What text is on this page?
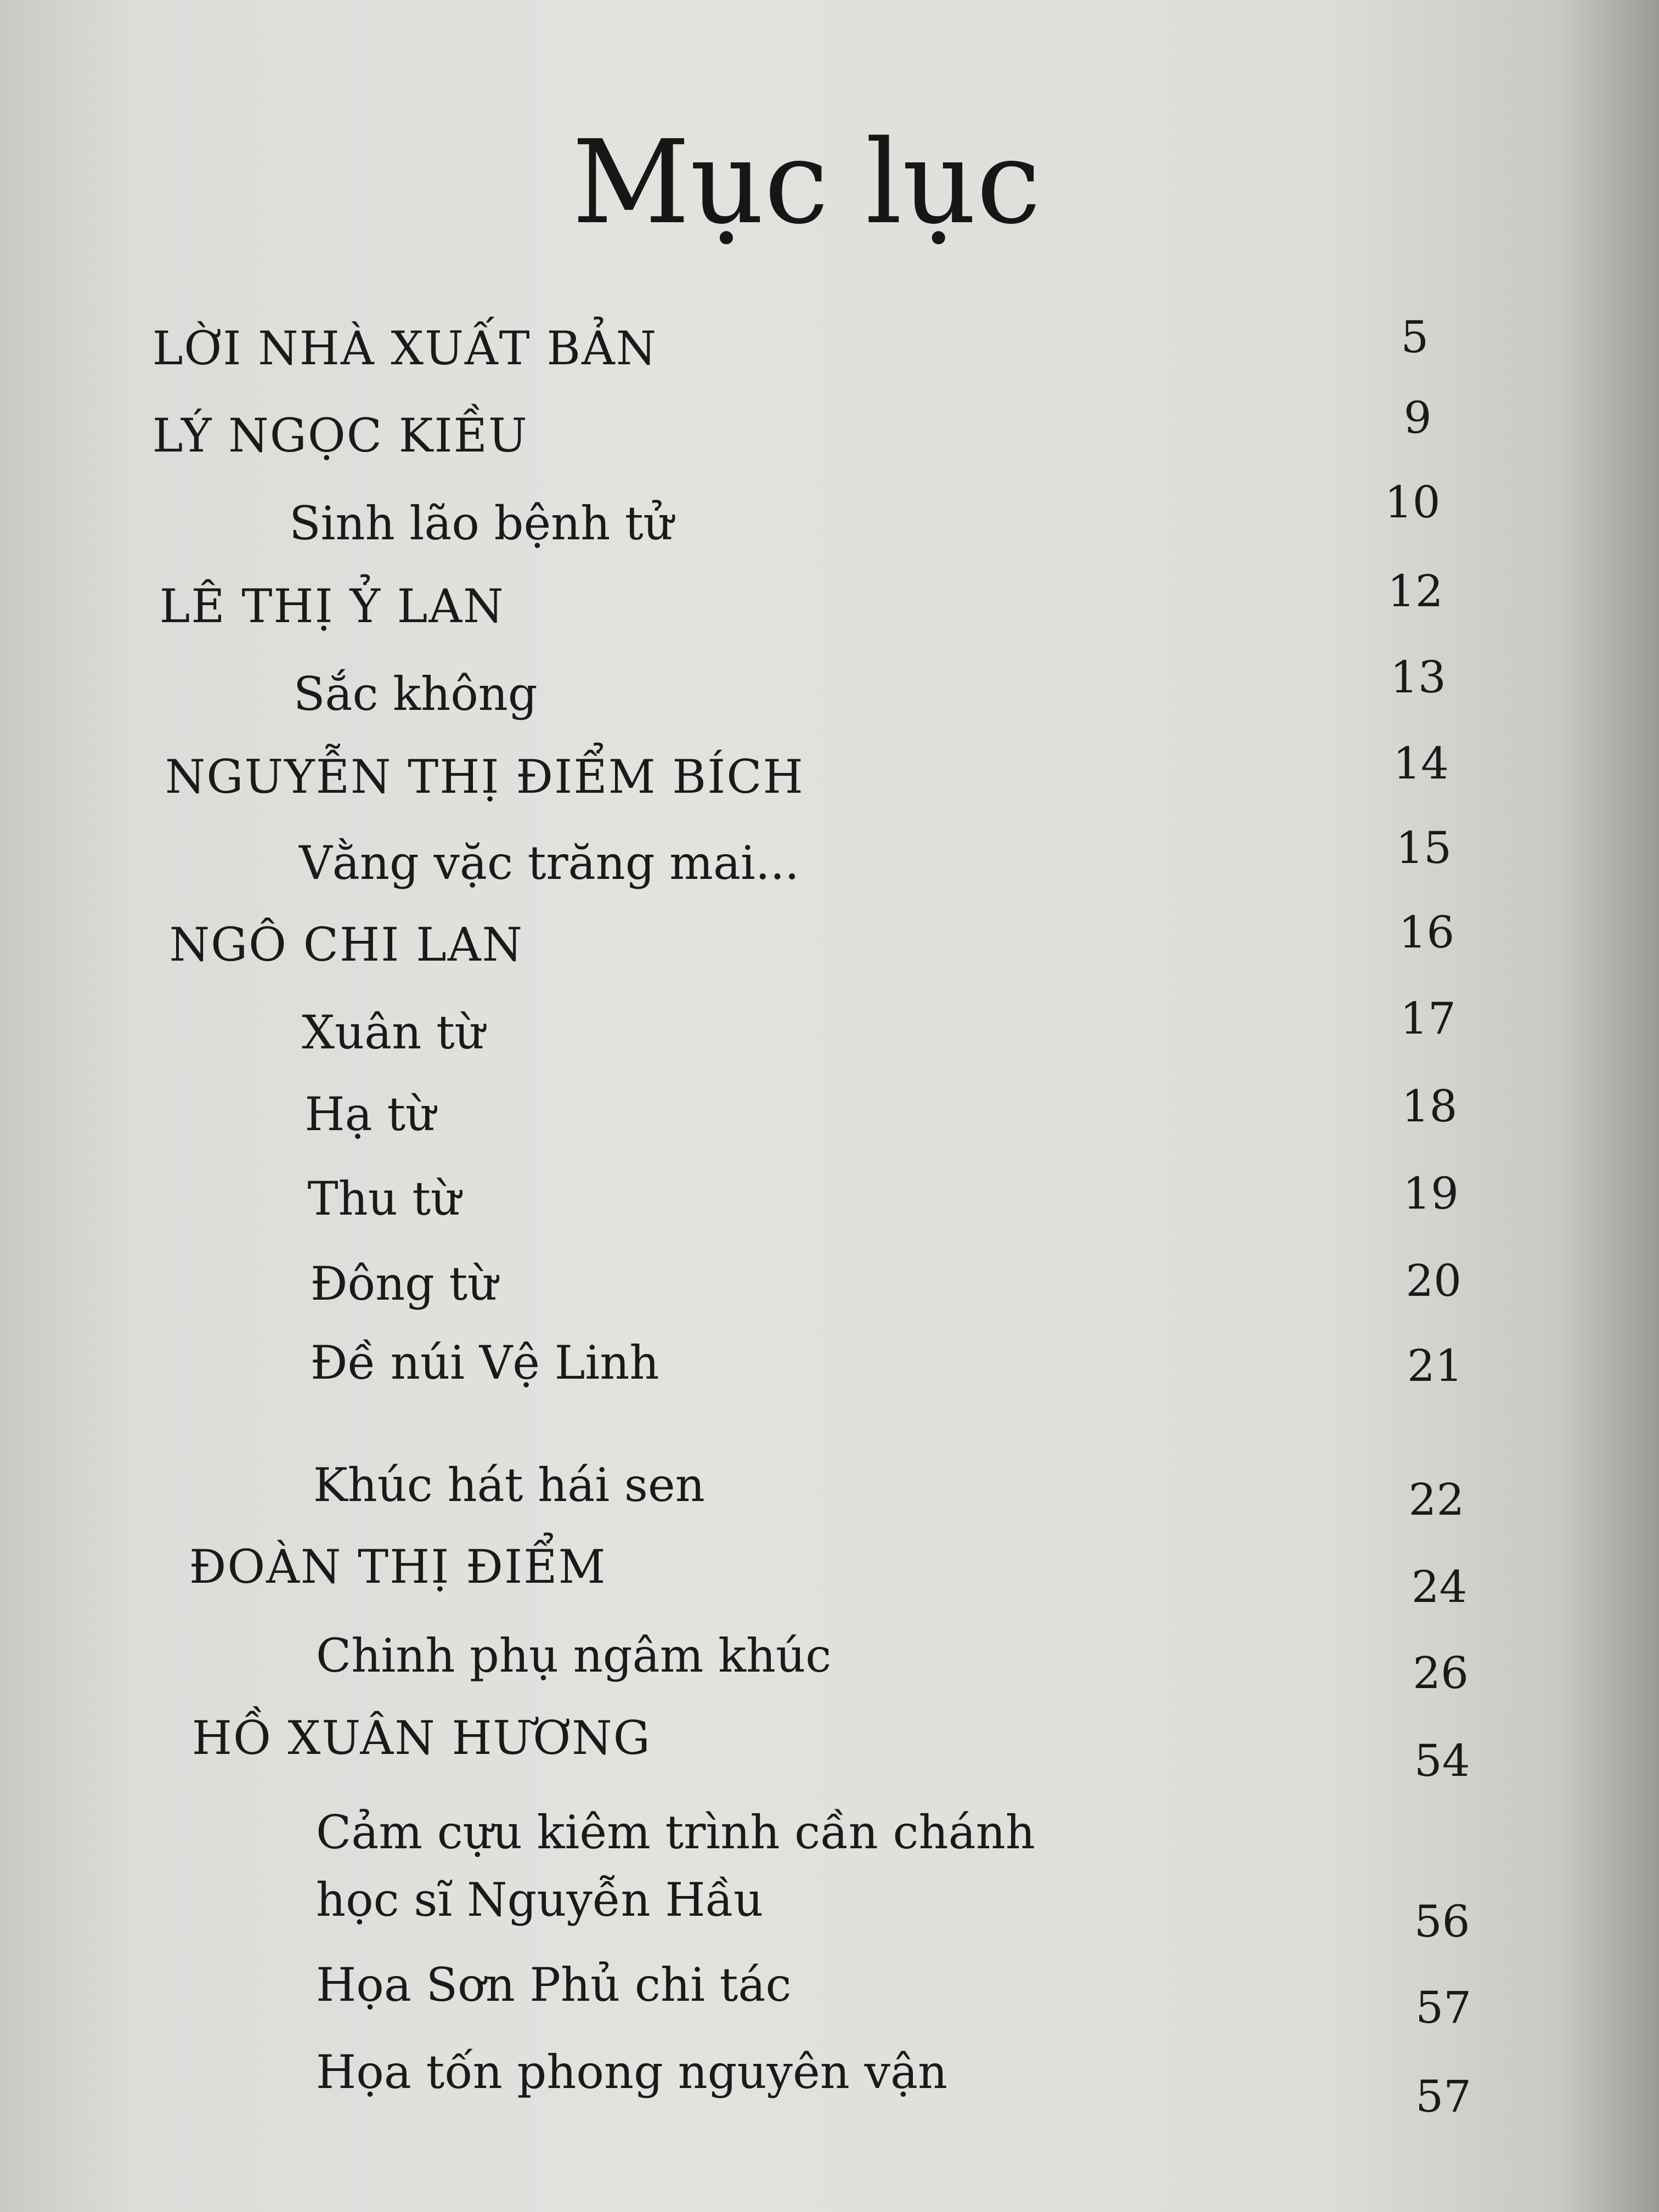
Mục lục
LỜI NHÀ XUẤT BẢN	5
LÝ NGỌC KIỀU	9
Sinh lão bệnh tử	10
LÊ THỊ Ỷ LAN	12
Sắc không	13
NGUYỄN THỊ ĐIỂM BÍCH	14
Vằng vặc trăng mai...	15
NGÔ CHI LAN	16
Xuân từ	17
Hạ từ	18
Thu từ	19
Đông từ	20
Đề núi Vệ Linh	21
Khúc hát hái sen	22
ĐOÀN THỊ ĐIỂM	24
Chinh phụ ngâm khúc	26
HỒ XUÂN HƯƠNG	54
Cảm cựu kiêm trình cần chánh
học sĩ Nguyễn Hầu	56
Họa Sơn Phủ chi tác	57
Họa tốn phong nguyên vận	57
